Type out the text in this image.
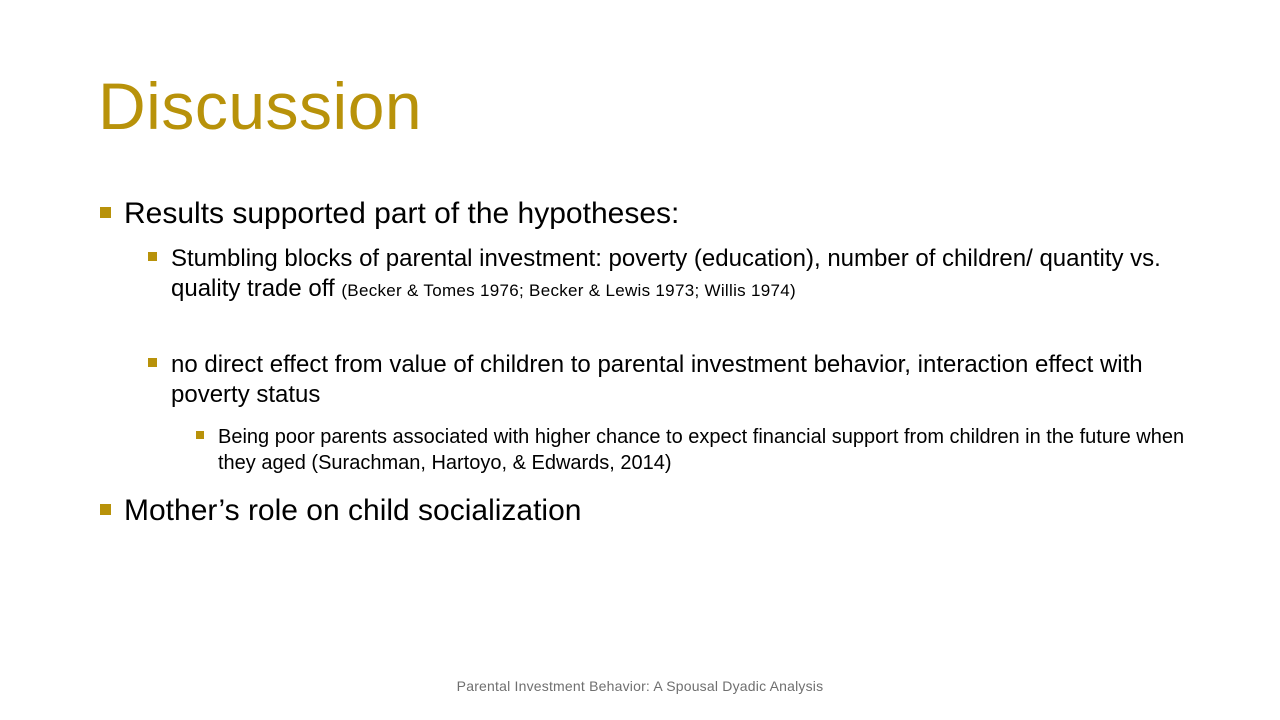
Discussion
Results supported part of the hypotheses:
Stumbling blocks of parental investment: poverty (education), number of children/ quantity vs. quality trade off (Becker & Tomes 1976; Becker & Lewis 1973; Willis 1974)
no direct effect from value of children to parental investment behavior, interaction effect with poverty status
Being poor parents associated with higher chance to expect financial support from children in the future when they aged (Surachman, Hartoyo, & Edwards, 2014)
Mother’s role on child socialization
Parental Investment Behavior: A Spousal Dyadic Analysis
